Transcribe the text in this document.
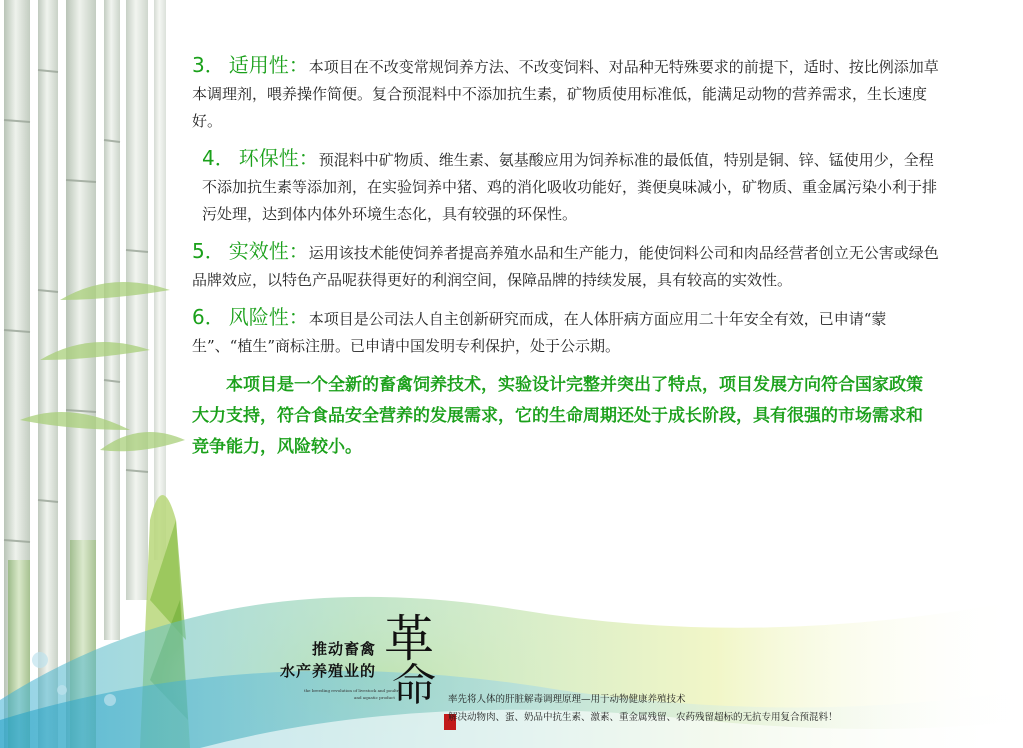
3． 适用性：本项目在不改变常规饲养方法、不改变饲料、对品种无特殊要求的前提下，适时、按比例添加草本调理剂，喂养操作简便。复合预混料中不添加抗生素，矿物质使用标准低，能满足动物的营养需求，生长速度好。

4． 环保性：预混料中矿物质、维生素、氨基酸应用为饲养标准的最低值，特别是铜、锌、锰使用少，全程不添加抗生素等添加剂，在实验饲养中猪、鸡的消化吸收功能好，粪便臭味减小，矿物质、重金属污染小利于排污处理，达到体内体外环境生态化，具有较强的环保性。

5． 实效性：运用该技术能使饲养者提高养殖水品和生产能力，能使饲料公司和肉品经营者创立无公害或绿色品牌效应，以特色产品呢获得更好的利润空间，保障品牌的持续发展，具有较高的实效性。

6． 风险性：本项目是公司法人自主创新研究而成，在人体肝病方面应用二十年安全有效，已申请“蒙生”、“植生”商标注册。已申请中国发明专利保护，处于公示期。

本项目是一个全新的畜禽饲养技术，实验设计完整并突出了特点，项目发展方向符合国家政策大力支持，符合食品安全营养的发展需求，它的生命周期还处于成长阶段，具有很强的市场需求和竞争能力，风险较小。

推动畜禽
水产养殖业的
the breeding revolution of livestock and poultry
and aquatic product
革
命 率先将人体的肝脏解毒调理原理—用于动物健康养殖技术
解决动物肉、蛋、奶品中抗生素、激素、重金属残留、农药残留超标的无抗专用复合预混料！
